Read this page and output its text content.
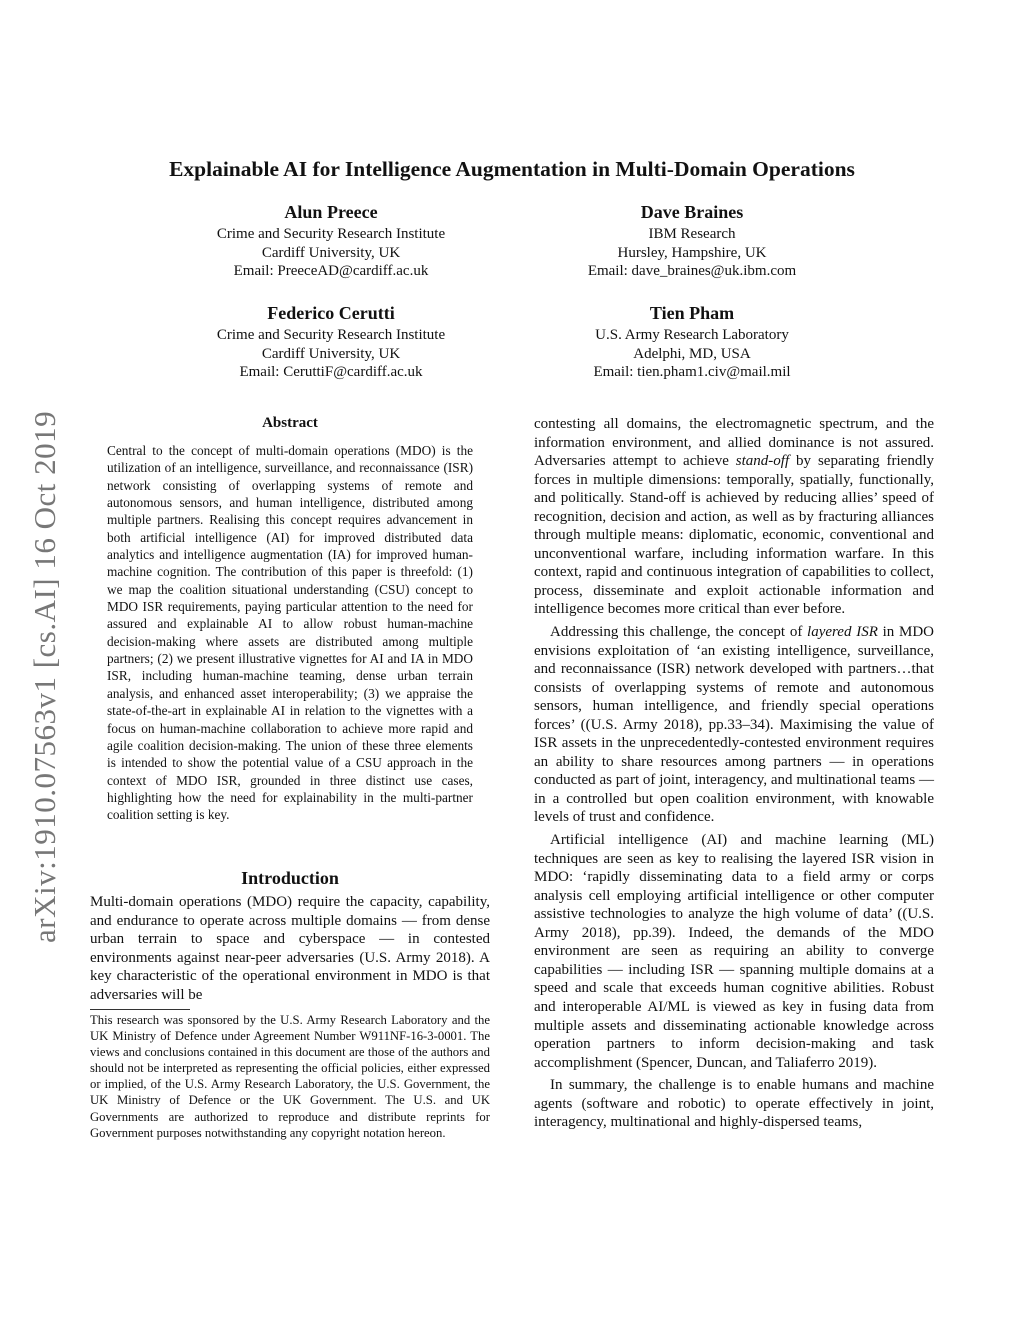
arXiv:1910.07563v1 [cs.AI] 16 Oct 2019
Explainable AI for Intelligence Augmentation in Multi-Domain Operations
Alun Preece
Crime and Security Research Institute
Cardiff University, UK
Email: PreeceAD@cardiff.ac.uk
Dave Braines
IBM Research
Hursley, Hampshire, UK
Email: dave_braines@uk.ibm.com
Federico Cerutti
Crime and Security Research Institute
Cardiff University, UK
Email: CeruttiF@cardiff.ac.uk
Tien Pham
U.S. Army Research Laboratory
Adelphi, MD, USA
Email: tien.pham1.civ@mail.mil
Abstract

Central to the concept of multi-domain operations (MDO) is the utilization of an intelligence, surveillance, and reconnaissance (ISR) network consisting of overlapping systems of remote and autonomous sensors, and human intelligence, distributed among multiple partners. Realising this concept requires advancement in both artificial intelligence (AI) for improved distributed data analytics and intelligence augmentation (IA) for improved human-machine cognition. The contribution of this paper is threefold: (1) we map the coalition situational understanding (CSU) concept to MDO ISR requirements, paying particular attention to the need for assured and explainable AI to allow robust human-machine decision-making where assets are distributed among multiple partners; (2) we present illustrative vignettes for AI and IA in MDO ISR, including human-machine teaming, dense urban terrain analysis, and enhanced asset interoperability; (3) we appraise the state-of-the-art in explainable AI in relation to the vignettes with a focus on human-machine collaboration to achieve more rapid and agile coalition decision-making. The union of these three elements is intended to show the potential value of a CSU approach in the context of MDO ISR, grounded in three distinct use cases, highlighting how the need for explainability in the multi-partner coalition setting is key.

Introduction

Multi-domain operations (MDO) require the capacity, capability, and endurance to operate across multiple domains — from dense urban terrain to space and cyberspace — in contested environments against near-peer adversaries (U.S. Army 2018). A key characteristic of the operational environment in MDO is that adversaries will be

This research was sponsored by the U.S. Army Research Laboratory and the UK Ministry of Defence under Agreement Number W911NF-16-3-0001. The views and conclusions contained in this document are those of the authors and should not be interpreted as representing the official policies, either expressed or implied, of the U.S. Army Research Laboratory, the U.S. Government, the UK Ministry of Defence or the UK Government. The U.S. and UK Governments are authorized to reproduce and distribute reprints for Government purposes notwithstanding any copyright notation hereon.

contesting all domains, the electromagnetic spectrum, and the information environment, and allied dominance is not assured. Adversaries attempt to achieve stand-off by separating friendly forces in multiple dimensions: temporally, spatially, functionally, and politically. Stand-off is achieved by reducing allies’ speed of recognition, decision and action, as well as by fracturing alliances through multiple means: diplomatic, economic, conventional and unconventional warfare, including information warfare. In this context, rapid and continuous integration of capabilities to collect, process, disseminate and exploit actionable information and intelligence becomes more critical than ever before.

Addressing this challenge, the concept of layered ISR in MDO envisions exploitation of ‘an existing intelligence, surveillance, and reconnaissance (ISR) network developed with partners…that consists of overlapping systems of remote and autonomous sensors, human intelligence, and friendly special operations forces’ ((U.S. Army 2018), pp.33–34). Maximising the value of ISR assets in the unprecedentedly-contested environment requires an ability to share resources among partners — in operations conducted as part of joint, interagency, and multinational teams — in a controlled but open coalition environment, with knowable levels of trust and confidence.

Artificial intelligence (AI) and machine learning (ML) techniques are seen as key to realising the layered ISR vision in MDO: ‘rapidly disseminating data to a field army or corps analysis cell employing artificial intelligence or other computer assistive technologies to analyze the high volume of data’ ((U.S. Army 2018), pp.39). Indeed, the demands of the MDO environment are seen as requiring an ability to converge capabilities — including ISR — spanning multiple domains at a speed and scale that exceeds human cognitive abilities. Robust and interoperable AI/ML is viewed as key in fusing data from multiple assets and disseminating actionable knowledge across operation partners to inform decision-making and task accomplishment (Spencer, Duncan, and Taliaferro 2019).

In summary, the challenge is to enable humans and machine agents (software and robotic) to operate effectively in joint, interagency, multinational and highly-dispersed teams,
